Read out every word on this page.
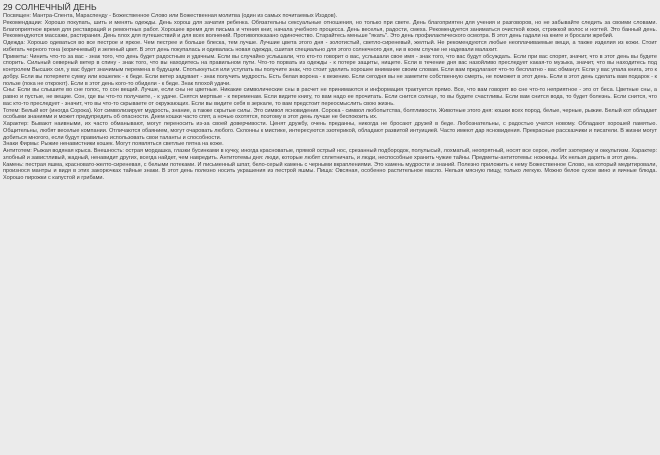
29 СОЛНЕЧНЫЙ ДЕНЬ

Посвящен: Мантра-Спента, Мараспенду - Божественное Слово или Божественная молитва (один из самых почитаемых Изэдов).

Рекомендации: Хорошо покупать, шить и менять одежды. День хорош для зачатия ребенка. Обязательны сексуальные отношения, но только при свете. День благоприятен для учения и разговоров, но не забывайте следить за своими словами. Благоприятное время для реставраций и ремонтных работ. Хорошее время для письма и чтения книг, начала учебного процесса. День веселья, радости, смеха. Рекомендуется заниматься очисткой кожи, стрижкой волос и ногтей. Это банный день. Рекомендуются массажи, растирания. День плох для путешествий и для всех волнений. Противопоказано одиночество. Старайтесь меньше "якать". Это день профилактического осмотра. В этот день гадали на книге и бросали жребий.

Одежда: Хорошо одеваться во все пестрое и яркое. Чем пестрее и больше блеска, тем лучше. Лучшие цвета этого дня - золотистый, светло-сиреневый, желтый. Не рекомендуются любые неоплачиваемые вещи, а также изделия из кожи. Стоит избегать черного тона (коричневый) и зеленый цвет. В этот день покупалась и одевалась новая одежда, сшитая специально для этого солнечного дня, ни в коем случае не надевали малахит.

Приметы: Чинить что-то за вас - знак того, что день будет радостным и удачным. Если вы случайно услышали, что кто-то говорит о вас, услышали свое имя - знак того, что вас будут обсуждать. Если при вас спорят, значит, что в этот день вы будете спорить. Сильный северный ветер в спину - знак того, что вы находитесь на правильном пути. Что-то порвать из одежды - к потере защиты, нищете. Если в течение дня вас назойливо преследует какая-то музыка, значит, что вы находитесь под контролем Высших сил, у вас будет значимым перемена в будущем. Спотыкнуться или уступать вы получите знак, что стоит уделить хорошее внимание своим словам. Если вам предлагают что-то бесплатно - вас обманут. Если у вас упала книга, это к добру. Если вы потеряете сумку или кошелек - к беде. Если ветер задувает - знак получить мудрость. Есть белая ворона - к везению. Если сегодня вы не заметите собственную смерть, не поможет в этот день. Если в этот день сделать вам подарок - к пользе (пока не откроют). Если в этот день кого-то обидели - к беде. Знак плохой удачи.

Сны: Если вы слышите во сне голос, то сон вещий. Лучше, если сны не цветные. Никакие символические сны в расчет не принимаются и информация трактуется прямо. Все, что вам говорят во сне что-то неприятное - это от беса. Цветные сны, а равно и пустые, не вещие. Сон, где вы что-то получаете, - к удаче. Снятся мертвые - к переменам. Если видите книгу, то вам надо ее прочитать. Если снится солнце, то вы будете счастливы. Если вам снится вода, то будет болезнь. Если снится, что вас кто-то преследует - значит, что вы что-то скрываете от окружающих. Если вы видите себя в зеркале, то вам предстоит переосмыслить свою жизнь.

Тотем: Белый кот (иногда Сорока). Кот символизирует мудрость, знание, а также скрытые силы. Это символ ясновидения. Сорока - символ любопытства, болтливости. Животные этого дня: кошки всех пород, белые, черные, рыжие. Белый кот обладает особыми знаниями и может предупредить об опасности. Днем кошки часто спят, а ночью охотятся, поэтому в этот день лучше не беспокоить их.

Характер: Бывают наивными, их часто обманывают, могут переносить из-за своей доверчивости. Ценят дружбу, очень преданны, никогда не бросают друзей в беде. Любознательны, с радостью учатся новому. Обладают хорошей памятью. Общительны, любят веселые компании. Отличаются обаянием, могут очаровать любого. Склонны к мистике, интересуются эзотерикой, обладают развитой интуицией. Часто имеют дар ясновидения. Прекрасные рассказчики и писатели. В жизни могут добиться многого, если будут правильно использовать свои таланты и способности.

Знаки Фирмы: Рыжие ненавистники кошек. Могут появляться светлые пятна на коже.

Антитотем: Рыжая водяная крыса. Внешность: острая мордашка, глазки бусинками в кучку, иногда красноватые, прямой острый нос, срезанный подбородок, полулысый, лохматый, неопрятный, носят все серое, любят эзотерику и оккультизм. Характер: злобный и завистливый, жадный, ненавидит других, всегда найдет, чем навредить. Антитотемы дня: люди, которые любят сплетничать, и люди, неспособные хранить чужие тайны. Предметы-антитотемы: ножницы. Их нельзя дарить в этот день.

Камень: пестрая яшма, красновато-желто-сиреневая, с белыми потеками. И письменный шпат, бело-серый камень с черными вкраплениями. Это камень мудрости и знаний. Полезно приложить к нему Божественное Слово, на который медитировали, произнося мантры и видя в этих закорючках тайные знаки. В этот день полезно носить украшения из пестрой яшмы. Пища: Овсяная, особенно растительное масло. Нельзя мясную пищу, только легкую. Можно белое сухое вино и яичные блюда. Хорошо пирожки с капустой и грибами.
